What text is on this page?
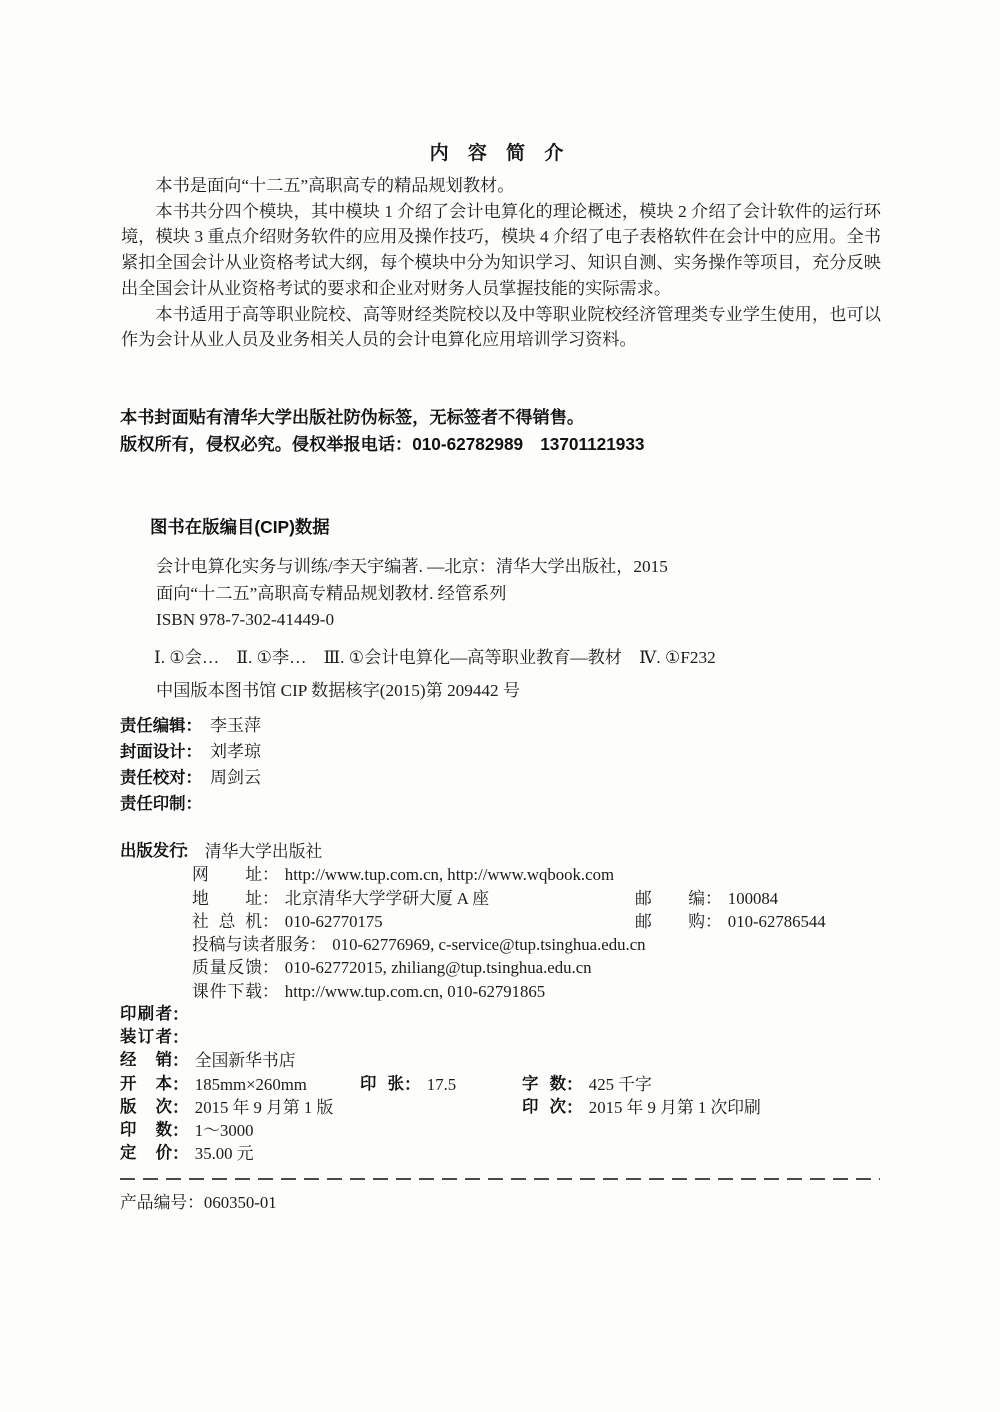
内 容 简 介

本书是面向“十二五”高职高专的精品规划教材。

本书共分四个模块，其中模块 1 介绍了会计电算化的理论概述，模块 2 介绍了会计软件的运行环境，模块 3 重点介绍财务软件的应用及操作技巧，模块 4 介绍了电子表格软件在会计中的应用。全书紧扣全国会计从业资格考试大纲，每个模块中分为知识学习、知识自测、实务操作等项目，充分反映出全国会计从业资格考试的要求和企业对财务人员掌握技能的实际需求。

本书适用于高等职业院校、高等财经类院校以及中等职业院校经济管理类专业学生使用，也可以作为会计从业人员及业务相关人员的会计电算化应用培训学习资料。

本书封面贴有清华大学出版社防伪标签，无标签者不得销售。
版权所有，侵权必究。侵权举报电话：010-62782989　13701121933
图书在版编目(CIP)数据
会计电算化实务与训练/李天宇编著. —北京：清华大学出版社，2015
面向“十二五”高职高专精品规划教材. 经管系列
ISBN 978-7-302-41449-0
Ⅰ. ①会…　Ⅱ. ①李…　Ⅲ. ①会计电算化—高等职业教育—教材　Ⅳ. ①F232
中国版本图书馆 CIP 数据核字(2015)第 209442 号
责任编辑： 李玉萍
封面设计： 刘孝琼
责任校对： 周剑云
责任印制：
出版发行： 清华大学出版社
网址： http://www.tup.com.cn, http://www.wqbook.com
地址： 北京清华大学学研大厦 A 座	邮编： 100084
社总机： 010-62770175	邮购： 010-62786544
投稿与读者服务： 010-62776969, c-service@tup.tsinghua.edu.cn
质量反馈： 010-62772015, zhiliang@tup.tsinghua.edu.cn
课件下载： http://www.tup.com.cn, 010-62791865
印刷者：
装订者：
经销： 全国新华书店
开本： 185mm×260mm	印张： 17.5	字数： 425 千字
版次： 2015 年 9 月第 1 版	印次： 2015 年 9 月第 1 次印刷
印数： 1～3000
定价： 35.00 元
产品编号：060350-01
